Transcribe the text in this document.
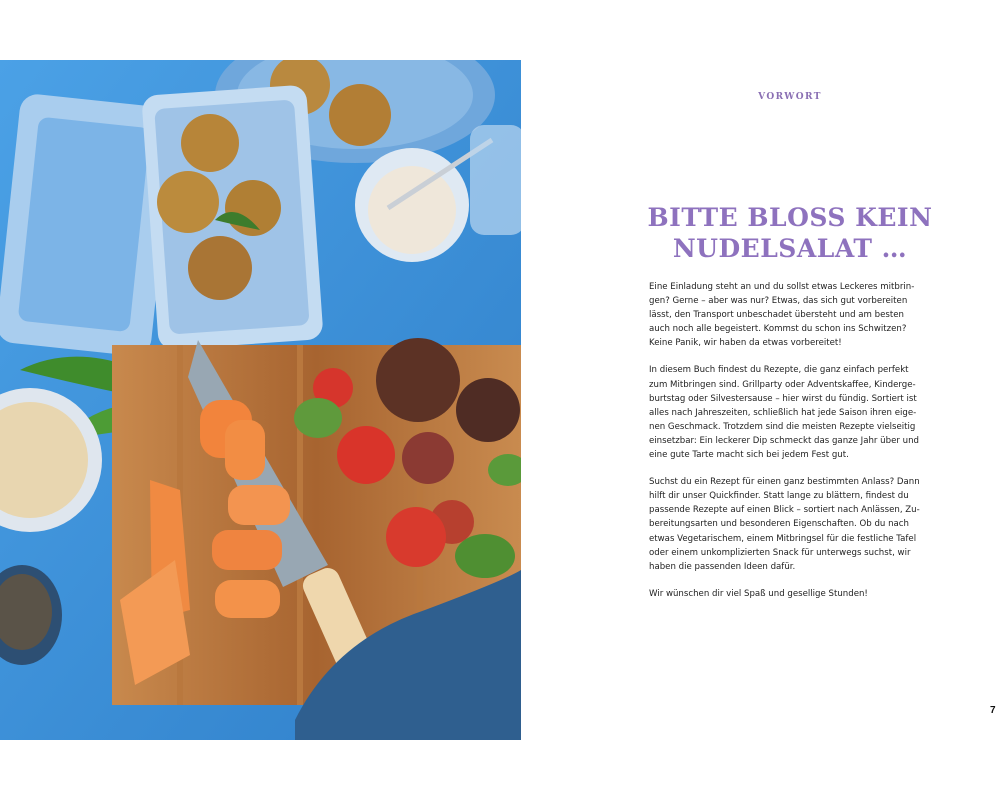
VORWORT
BITTE BLOSS KEIN
NUDELSALAT …

Eine Einladung steht an und du sollst etwas Leckeres mitbrin-
gen? Gerne – aber was nur? Etwas, das sich gut vorbereiten
lässt, den Transport unbeschadet übersteht und am besten
auch noch alle begeistert. Kommst du schon ins Schwitzen?
Keine Panik, wir haben da etwas vorbereitet!

In diesem Buch findest du Rezepte, die ganz einfach perfekt
zum Mitbringen sind. Grillparty oder Adventskaffee, Kinderge-
burtstag oder Silvestersause – hier wirst du fündig. Sortiert ist
alles nach Jahreszeiten, schließlich hat jede Saison ihren eige-
nen Geschmack. Trotzdem sind die meisten Rezepte vielseitig
einsetzbar: Ein leckerer Dip schmeckt das ganze Jahr über und
eine gute Tarte macht sich bei jedem Fest gut.

Suchst du ein Rezept für einen ganz bestimmten Anlass? Dann
hilft dir unser Quickfinder. Statt lange zu blättern, findest du
passende Rezepte auf einen Blick – sortiert nach Anlässen, Zu-
bereitungsarten und besonderen Eigenschaften. Ob du nach
etwas Vegetarischem, einem Mitbringsel für die festliche Tafel
oder einem unkomplizierten Snack für unterwegs suchst, wir
haben die passenden Ideen dafür.

Wir wünschen dir viel Spaß und gesellige Stunden!

7
